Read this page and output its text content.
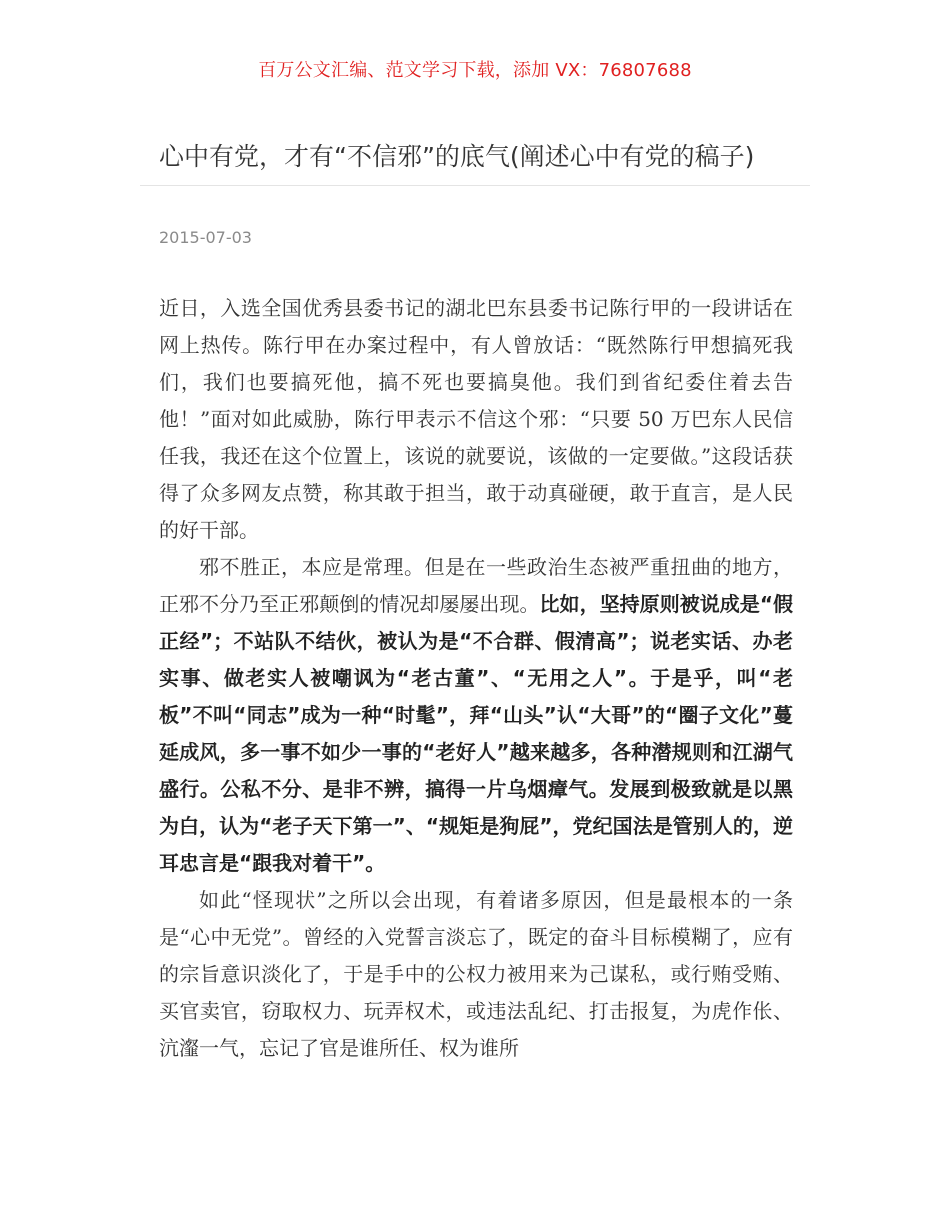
百万公文汇编、范文学习下载，添加 VX：76807688
心中有党，才有“不信邪”的底气(阐述心中有党的稿子)
2015-07-03

近日，入选全国优秀县委书记的湖北巴东县委书记陈行甲的一段讲话在网上热传。陈行甲在办案过程中，有人曾放话：“既然陈行甲想搞死我们，我们也要搞死他，搞不死也要搞臭他。我们到省纪委住着去告他！”面对如此威胁，陈行甲表示不信这个邪：“只要 50 万巴东人民信任我，我还在这个位置上，该说的就要说，该做的一定要做。”这段话获得了众多网友点赞，称其敢于担当，敢于动真碰硬，敢于直言，是人民的好干部。

邪不胜正，本应是常理。但是在一些政治生态被严重扭曲的地方，正邪不分乃至正邪颠倒的情况却屡屡出现。比如，坚持原则被说成是“假正经”；不站队不结伙，被认为是“不合群、假清高”；说老实话、办老实事、做老实人被嘲讽为“老古董”、“无用之人”。于是乎，叫“老板”不叫“同志”成为一种“时髦”，拜“山头”认“大哥”的“圈子文化”蔓延成风，多一事不如少一事的“老好人”越来越多，各种潜规则和江湖气盛行。公私不分、是非不辨，搞得一片乌烟瘴气。发展到极致就是以黑为白，认为“老子天下第一”、“规矩是狗屁”，党纪国法是管别人的，逆耳忠言是“跟我对着干”。

如此“怪现状”之所以会出现，有着诸多原因，但是最根本的一条是“心中无党”。曾经的入党誓言淡忘了，既定的奋斗目标模糊了，应有的宗旨意识淡化了，于是手中的公权力被用来为己谋私，或行贿受贿、买官卖官，窃取权力、玩弄权术，或违法乱纪、打击报复，为虎作伥、沆瀣一气，忘记了官是谁所任、权为谁所
